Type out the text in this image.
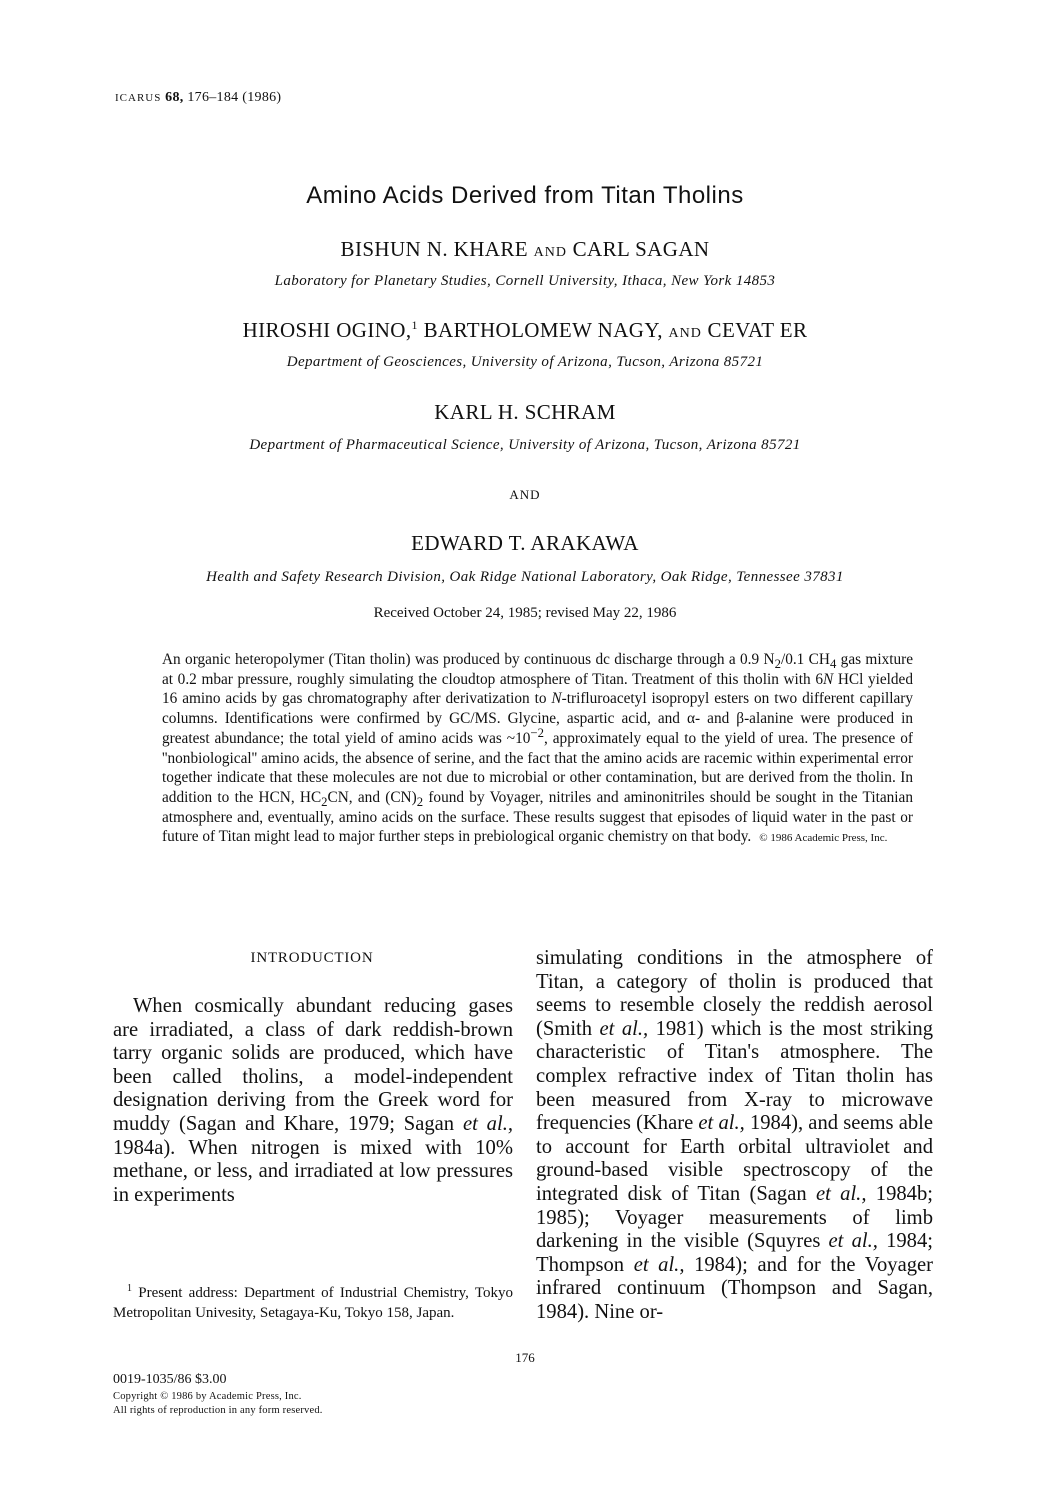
ICARUS 68, 176–184 (1986)
Amino Acids Derived from Titan Tholins
BISHUN N. KHARE AND CARL SAGAN
Laboratory for Planetary Studies, Cornell University, Ithaca, New York 14853
HIROSHI OGINO,$^1$ BARTHOLOMEW NAGY, AND CEVAT ER
Department of Geosciences, University of Arizona, Tucson, Arizona 85721
KARL H. SCHRAM
Department of Pharmaceutical Science, University of Arizona, Tucson, Arizona 85721
AND
EDWARD T. ARAKAWA
Health and Safety Research Division, Oak Ridge National Laboratory, Oak Ridge, Tennessee 37831
Received October 24, 1985; revised May 22, 1986
An organic heteropolymer (Titan tholin) was produced by continuous dc discharge through a 0.9 $N_2/0.1$ $CH_4$ gas mixture at 0.2 mbar pressure, roughly simulating the cloudtop atmosphere of Titan. Treatment of this tholin with 6N HCl yielded 16 amino acids by gas chromatography after derivatization to N-trifluroacetyl isopropyl esters on two different capillary columns. Identifications were confirmed by GC/MS. Glycine, aspartic acid, and α- and β-alanine were produced in greatest abundance; the total yield of amino acids was $\sim 10^{-2}$, approximately equal to the yield of urea. The presence of ''nonbiological'' amino acids, the absence of serine, and the fact that the amino acids are racemic within experimental error together indicate that these molecules are not due to microbial or other contamination, but are derived from the tholin. In addition to the HCN, $HC_2CN$, and $(CN)_2$ found by Voyager, nitriles and aminonitriles should be sought in the Titanian atmosphere and, eventually, amino acids on the surface. These results suggest that episodes of liquid water in the past or future of Titan might lead to major further steps in prebiological organic chemistry on that body. © 1986 Academic Press, Inc.
INTRODUCTION

When cosmically abundant reducing gases are irradiated, a class of dark reddish-brown tarry organic solids are produced, which have been called tholins, a model-independent designation deriving from the Greek word for muddy (Sagan and Khare, 1979; Sagan et al., 1984a). When nitrogen is mixed with 10% methane, or less, and irradiated at low pressures in experiments

simulating conditions in the atmosphere of Titan, a category of tholin is produced that seems to resemble closely the reddish aerosol (Smith et al., 1981) which is the most striking characteristic of Titan's atmosphere. The complex refractive index of Titan tholin has been measured from X-ray to microwave frequencies (Khare et al., 1984), and seems able to account for Earth orbital ultraviolet and ground-based visible spectroscopy of the integrated disk of Titan (Sagan et al., 1984b; 1985); Voyager measurements of limb darkening in the visible (Squyres et al., 1984; Thompson et al., 1984); and for the Voyager infrared continuum (Thompson and Sagan, 1984). Nine or-

$^1$ Present address: Department of Industrial Chemistry, Tokyo Metropolitan Univesity, Setagaya-Ku, Tokyo 158, Japan.
176
0019-1035/86 $3.00
Copyright © 1986 by Academic Press, Inc.
All rights of reproduction in any form reserved.
